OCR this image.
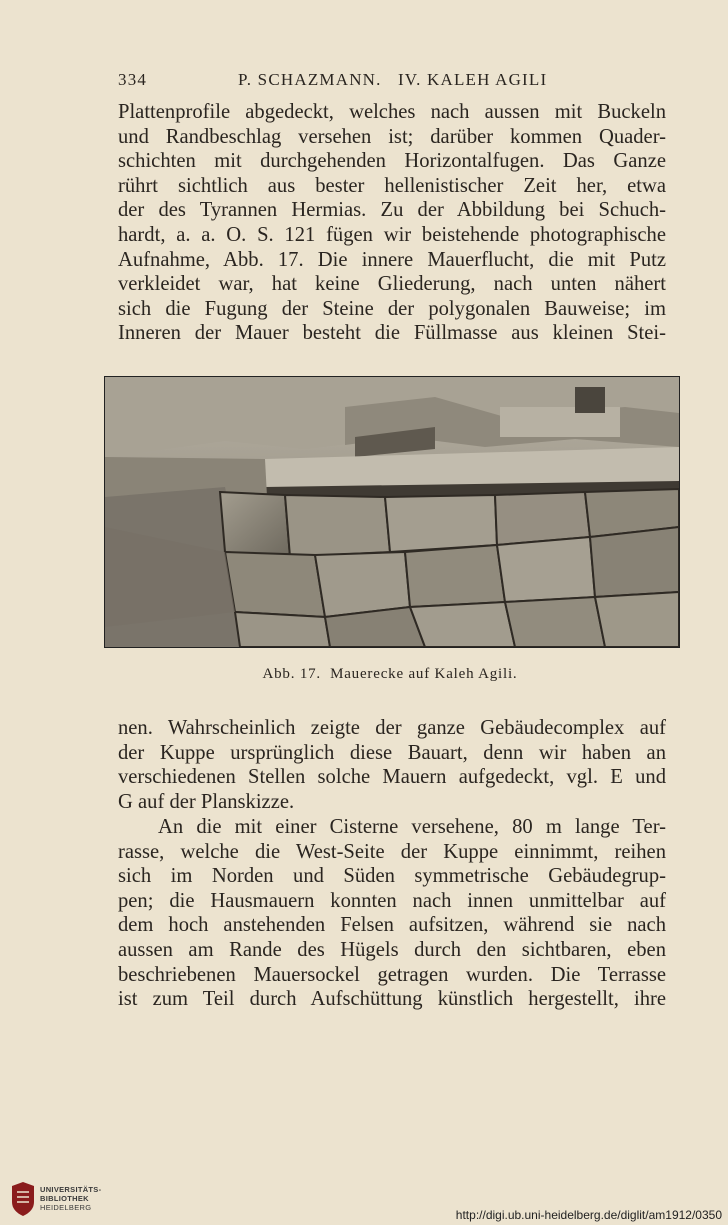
334	P. SCHAZMANN.   IV. KALEH AGILI

Plattenprofile abgedeckt, welches nach aussen mit Buckeln
und Randbeschlag versehen ist; darüber kommen Quader-
schichten mit durchgehenden Horizontalfugen. Das Ganze
rührt sichtlich aus bester hellenistischer Zeit her, etwa
der des Tyrannen Hermias. Zu der Abbildung bei Schuch-
hardt, a. a. O. S. 121 fügen wir beistehende photographische
Aufnahme, Abb. 17. Die innere Mauerflucht, die mit Putz
verkleidet war, hat keine Gliederung, nach unten nähert
sich die Fugung der Steine der polygonalen Bauweise; im
Inneren der Mauer besteht die Füllmasse aus kleinen Stei-

Abb. 17.  Mauerecke auf Kaleh Agili.

nen. Wahrscheinlich zeigte der ganze Gebäudecomplex auf
der Kuppe ursprünglich diese Bauart, denn wir haben an
verschiedenen Stellen solche Mauern aufgedeckt, vgl. E und
G auf der Planskizze.

An die mit einer Cisterne versehene, 80 m lange Ter-
rasse, welche die West-Seite der Kuppe einnimmt, reihen
sich im Norden und Süden symmetrische Gebäudegrup-
pen; die Hausmauern konnten nach innen unmittelbar auf
dem hoch anstehenden Felsen aufsitzen, während sie nach
aussen am Rande des Hügels durch den sichtbaren, eben
beschriebenen Mauersockel getragen wurden. Die Terrasse
ist zum Teil durch Aufschüttung künstlich hergestellt, ihre

UNIVERSITÄTS-
BIBLIOTHEK
HEIDELBERG
http://digi.ub.uni-heidelberg.de/diglit/am1912/0350
